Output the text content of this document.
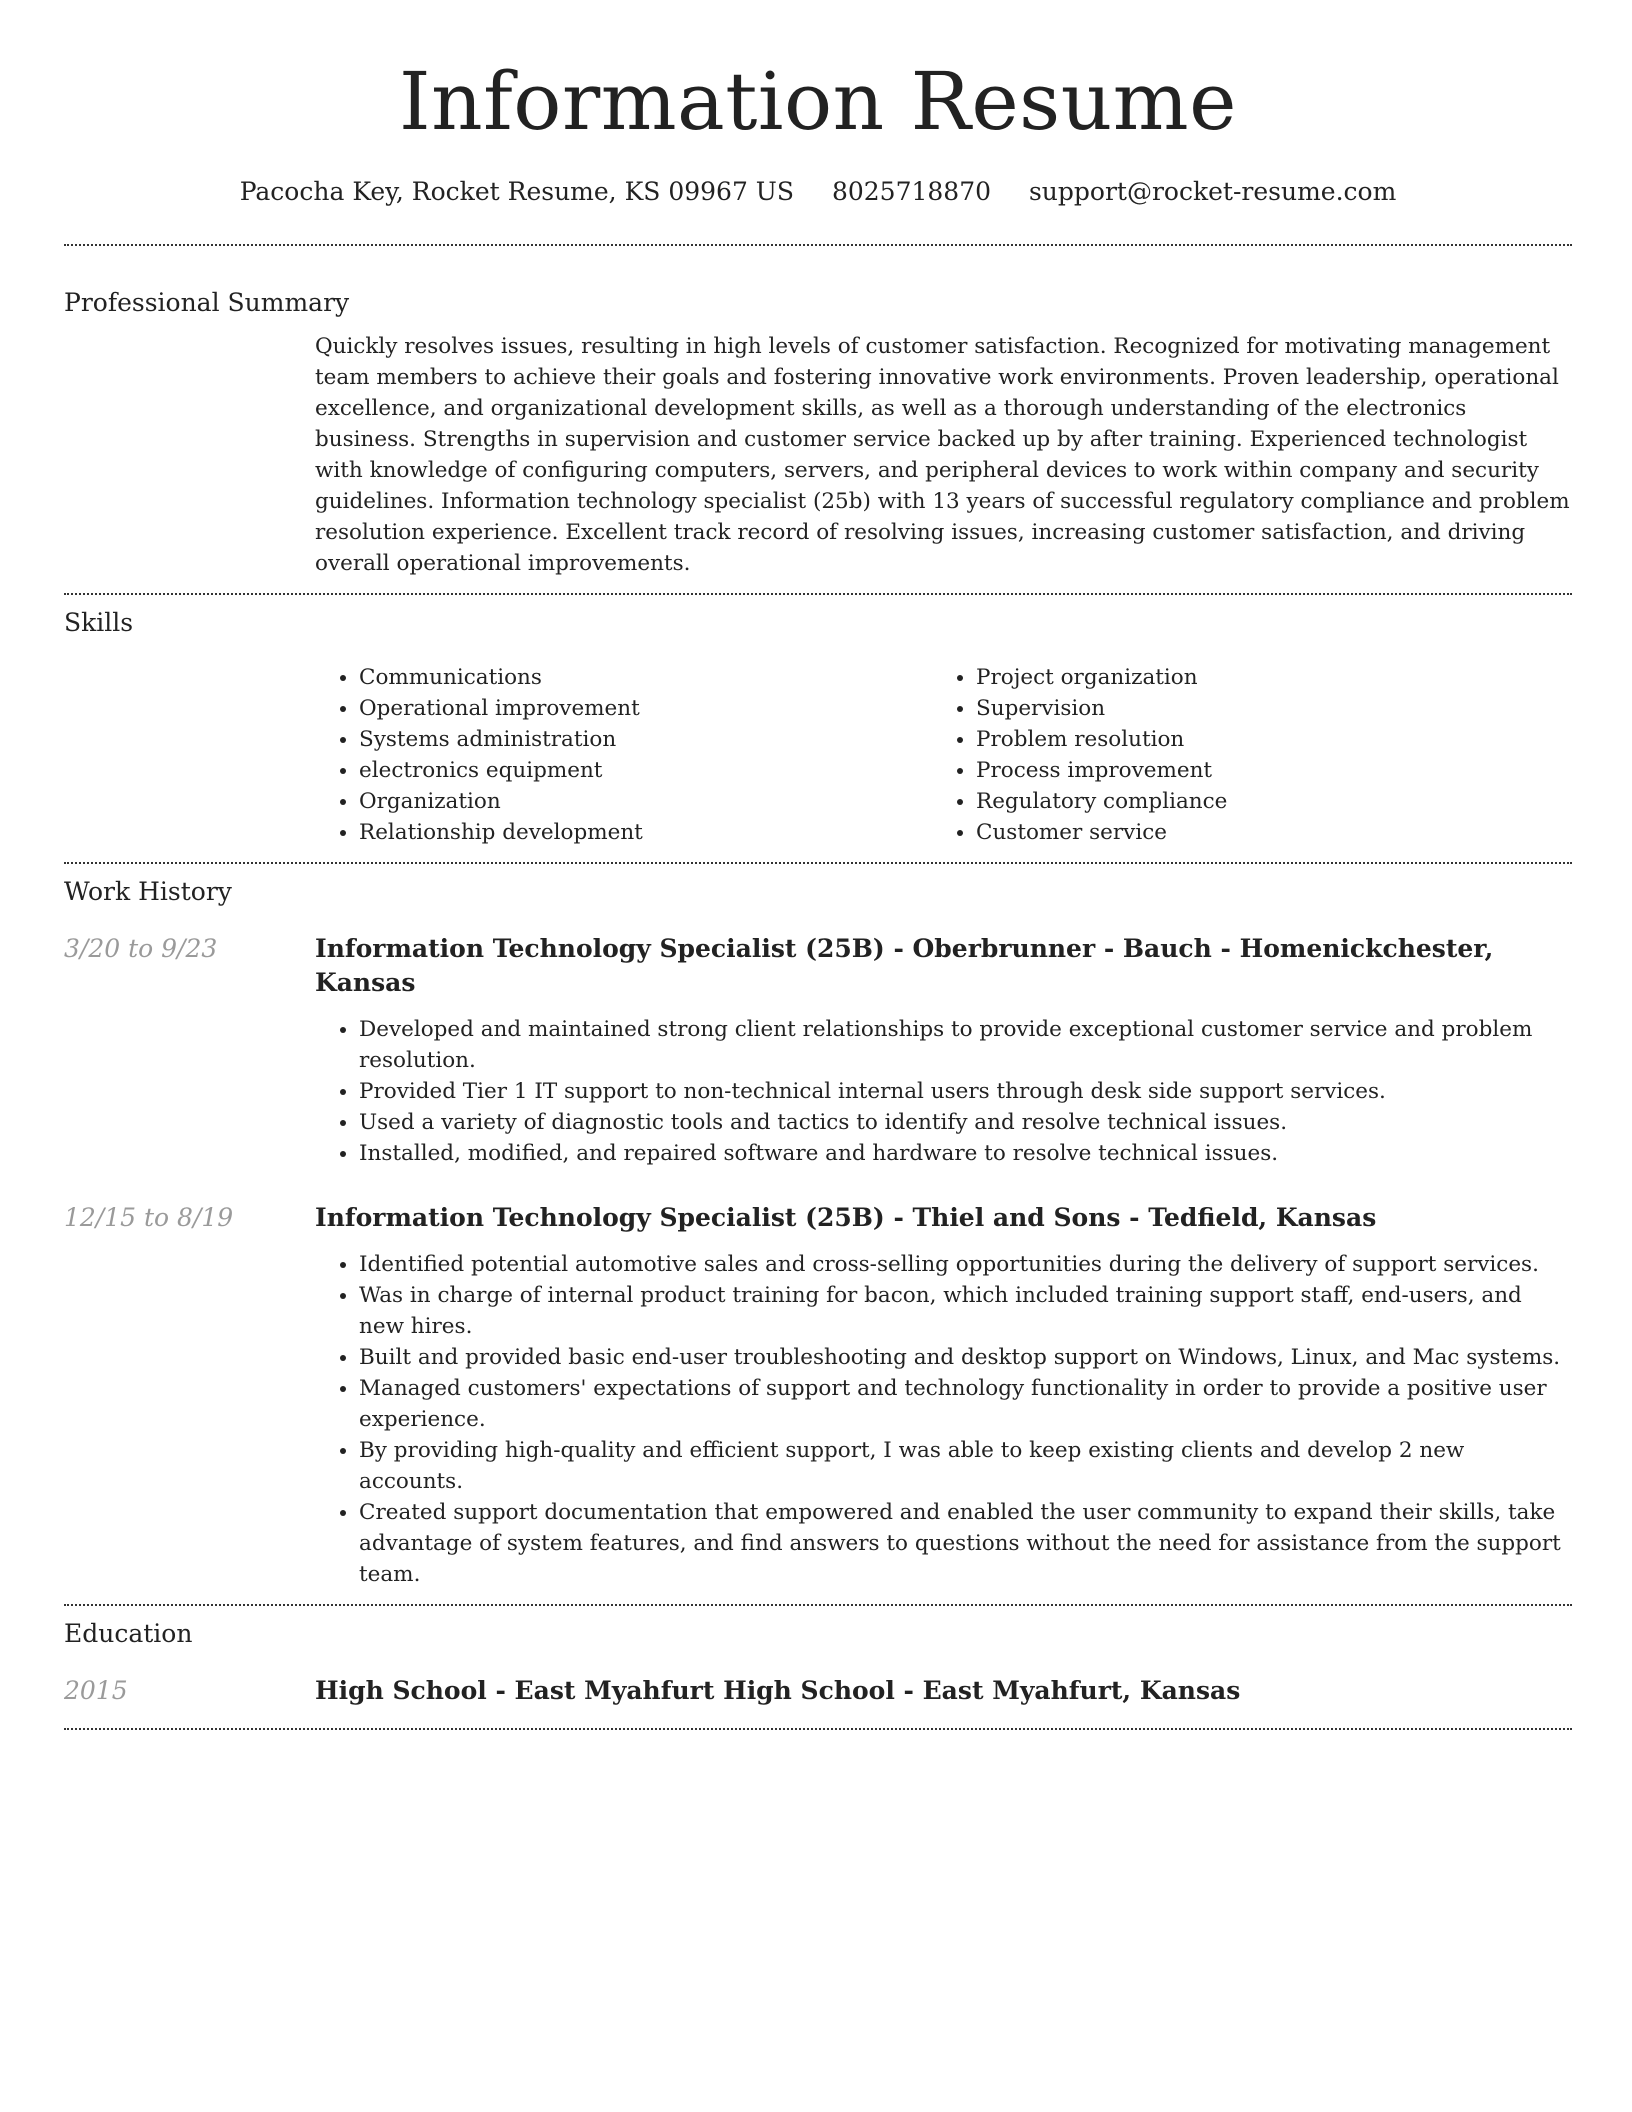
Information Resume
Pacocha Key, Rocket Resume, KS 09967 US 8025718870 support@rocket-resume.com
Professional Summary

Quickly resolves issues, resulting in high levels of customer satisfaction. Recognized for motivating management team members to achieve their goals and fostering innovative work environments. Proven leadership, operational excellence, and organizational development skills, as well as a thorough understanding of the electronics business. Strengths in supervision and customer service backed up by after training. Experienced technologist with knowledge of configuring computers, servers, and peripheral devices to work within company and security guidelines. Information technology specialist (25b) with 13 years of successful regulatory compliance and problem resolution experience. Excellent track record of resolving issues, increasing customer satisfaction, and driving overall operational improvements.

Skills
• Communications
• Operational improvement
• Systems administration
• electronics equipment
• Organization
• Relationship development
• Project organization
• Supervision
• Problem resolution
• Process improvement
• Regulatory compliance
• Customer service
Work History
3/20 to 9/23	Information Technology Specialist (25B) - Oberbrunner - Bauch - Homenickchester, Kansas
• Developed and maintained strong client relationships to provide exceptional customer service and problem resolution.
• Provided Tier 1 IT support to non-technical internal users through desk side support services.
• Used a variety of diagnostic tools and tactics to identify and resolve technical issues.
• Installed, modified, and repaired software and hardware to resolve technical issues.
12/15 to 8/19	Information Technology Specialist (25B) - Thiel and Sons - Tedfield, Kansas
• Identified potential automotive sales and cross-selling opportunities during the delivery of support services.
• Was in charge of internal product training for bacon, which included training support staff, end-users, and new hires.
• Built and provided basic end-user troubleshooting and desktop support on Windows, Linux, and Mac systems.
• Managed customers' expectations of support and technology functionality in order to provide a positive user experience.
• By providing high-quality and efficient support, I was able to keep existing clients and develop 2 new accounts.
• Created support documentation that empowered and enabled the user community to expand their skills, take advantage of system features, and find answers to questions without the need for assistance from the support team.
Education
2015	High School - East Myahfurt High School - East Myahfurt, Kansas
